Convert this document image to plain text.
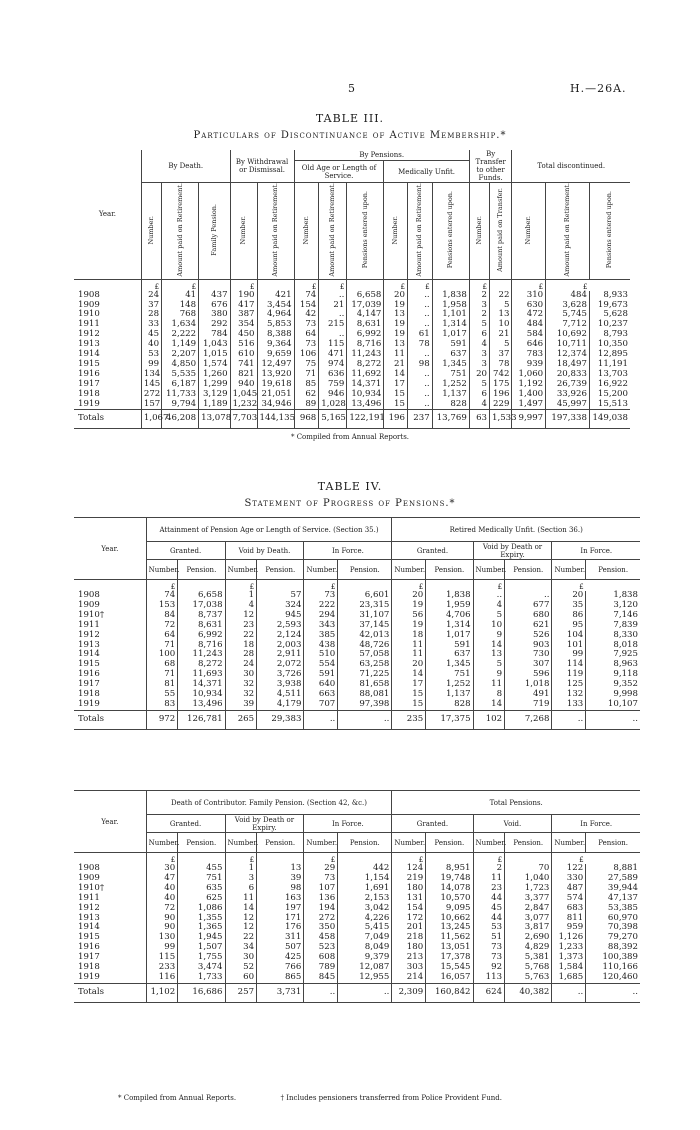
5	H.—26A.
TABLE III.
Particulars of Discontinuance of Active Membership.*
Year.	By Death.			By Withdrawal or Dismissal.		By Pensions.						By Transfer to other Funds.		Total discontinued.		
						Old Age or Length of Service.			Medically Unfit.							
	Number.	Amount paid on Retirement.	Family Pension.	Number.	Amount paid on Retirement.	Number.	Amount paid on Retirement.	Pensions entered upon.	Number.	Amount paid on Retirement.	Pensions entered upon.	Number.	Amount paid on Transfer.	Number.	Amount paid on Retirement.	Pensions entered upon.
	£	£		£		£	£		£	£		£		£	£	
1908	24	41	437	190	421	74	..	6,658	20	..	1,838	2	22	310	484	8,933
1909	37	148	676	417	3,454	154	21	17,039	19	..	1,958	3	5	630	3,628	19,673
1910	28	768	380	387	4,964	42	..	4,147	13	..	1,101	2	13	472	5,745	5,628
1911	33	1,634	292	354	5,853	73	215	8,631	19	..	1,314	5	10	484	7,712	10,237
1912	45	2,222	784	450	8,388	64	..	6,992	19	61	1,017	6	21	584	10,692	8,793
1913	40	1,149	1,043	516	9,364	73	115	8,716	13	78	591	4	5	646	10,711	10,350
1914	53	2,207	1,015	610	9,659	106	471	11,243	11	..	637	3	37	783	12,374	12,895
1915	99	4,850	1,574	741	12,497	75	974	8,272	21	98	1,345	3	78	939	18,497	11,191
1916	134	5,535	1,260	821	13,920	71	636	11,692	14	..	751	20	742	1,060	20,833	13,703
1917	145	6,187	1,299	940	19,618	85	759	14,371	17	..	1,252	5	175	1,192	26,739	16,922
1918	272	11,733	3,129	1,045	21,051	62	946	10,934	15	..	1,137	6	196	1,400	33,926	15,200
1919	157	9,794	1,189	1,232	34,946	89	1,028	13,496	15	..	828	4	229	1,497	45,997	15,513
Totals	1,067	46,208	13,078	7,703	144,135	968	5,165	122,191	196	237	13,769	63	1,533	9,997	197,338	149,038
* Compiled from Annual Reports.
TABLE IV.
Statement of Progress of Pensions.*
Year.	Attainment of Pension Age or Length of Service. (Section 35.)						Retired Medically Unfit. (Section 36.)					
	Granted.		Void by Death.		In Force.		Granted.		Void by Death or Expiry.		In Force.	
	Number.	Pension.	Number.	Pension.	Number.	Pension.	Number.	Pension.	Number.	Pension.	Number.	Pension.
	£		£		£		£		£		£	
1908	74	6,658	1	57	73	6,601	20	1,838	..	..	20	1,838
1909	153	17,038	4	324	222	23,315	19	1,959	4	677	35	3,120
1910†	84	8,737	12	945	294	31,107	56	4,706	5	680	86	7,146
1911	72	8,631	23	2,593	343	37,145	19	1,314	10	621	95	7,839
1912	64	6,992	22	2,124	385	42,013	18	1,017	9	526	104	8,330
1913	71	8,716	18	2,003	438	48,726	11	591	14	903	101	8,018
1914	100	11,243	28	2,911	510	57,058	11	637	13	730	99	7,925
1915	68	8,272	24	2,072	554	63,258	20	1,345	5	307	114	8,963
1916	71	11,693	30	3,726	591	71,225	14	751	9	596	119	9,118
1917	81	14,371	32	3,938	640	81,658	17	1,252	11	1,018	125	9,352
1918	55	10,934	32	4,511	663	88,081	15	1,137	8	491	132	9,998
1919	83	13,496	39	4,179	707	97,398	15	828	14	719	133	10,107
Totals	972	126,781	265	29,383	..	..	235	17,375	102	7,268	..	..
Year.	Death of Contributor. Family Pension. (Section 42, &c.)						Total Pensions.					
	Granted.		Void by Death or Expiry.		In Force.		Granted.		Void.		In Force.	
	Number.	Pension.	Number.	Pension.	Number.	Pension.	Number.	Pension.	Number.	Pension.	Number.	Pension.
	£		£		£		£		£		£	
1908	30	455	1	13	29	442	124	8,951	2	70	122	8,881
1909	47	751	3	39	73	1,154	219	19,748	11	1,040	330	27,589
1910†	40	635	6	98	107	1,691	180	14,078	23	1,723	487	39,944
1911	40	625	11	163	136	2,153	131	10,570	44	3,377	574	47,137
1912	72	1,086	14	197	194	3,042	154	9,095	45	2,847	683	53,385
1913	90	1,355	12	171	272	4,226	172	10,662	44	3,077	811	60,970
1914	90	1,365	12	176	350	5,415	201	13,245	53	3,817	959	70,398
1915	130	1,945	22	311	458	7,049	218	11,562	51	2,690	1,126	79,270
1916	99	1,507	34	507	523	8,049	180	13,051	73	4,829	1,233	88,392
1917	115	1,755	30	425	608	9,379	213	17,378	73	5,381	1,373	100,389
1918	233	3,474	52	766	789	12,087	303	15,545	92	5,768	1,584	110,166
1919	116	1,733	60	865	845	12,955	214	16,057	113	5,763	1,685	120,460
Totals	1,102	16,686	257	3,731	..	..	2,309	160,842	624	40,382	..	..
* Compiled from Annual Reports.	† Includes pensioners transferred from Police Provident Fund.
